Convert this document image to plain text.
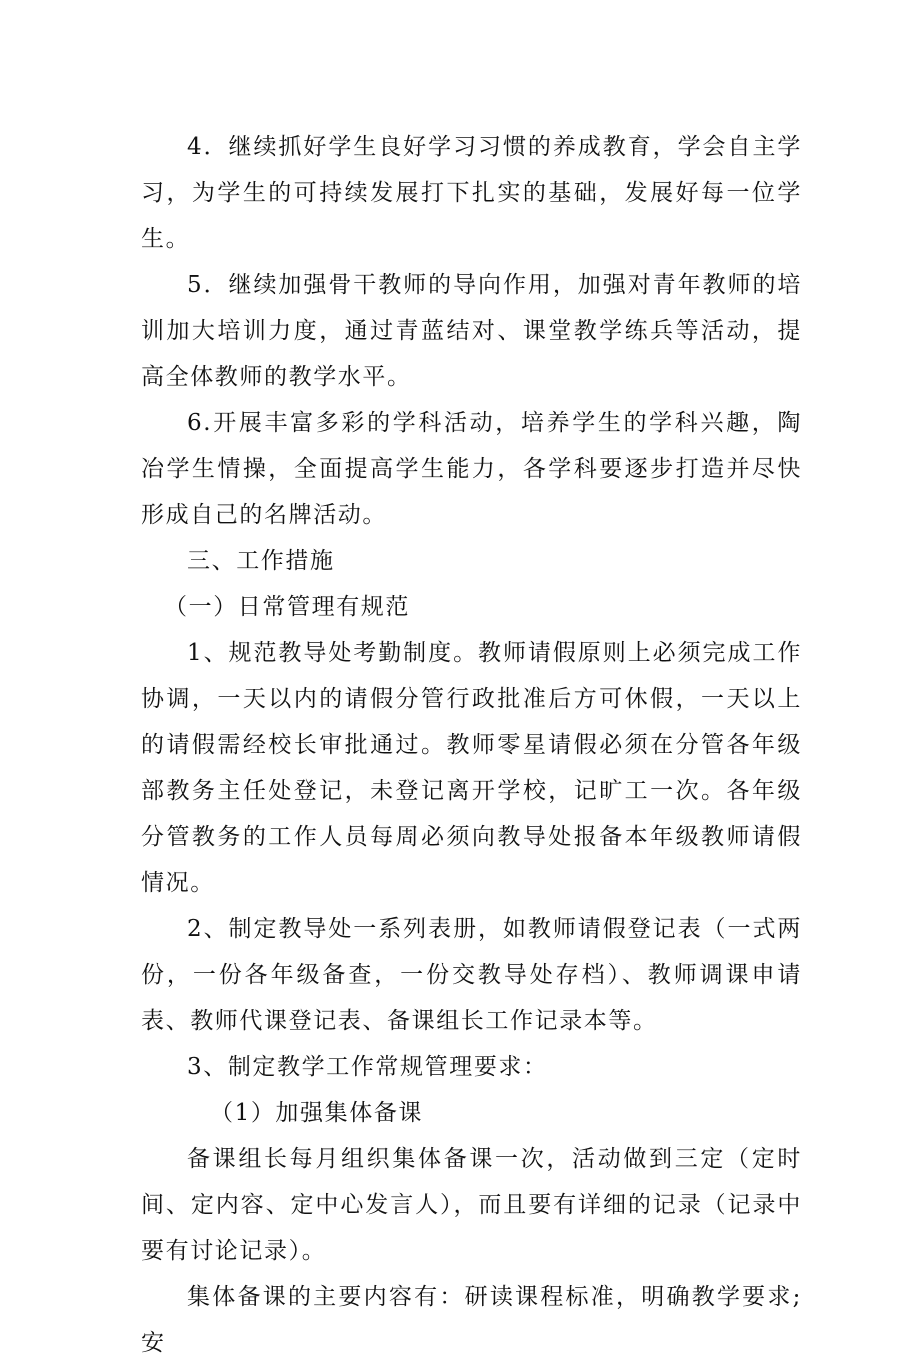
4．继续抓好学生良好学习习惯的养成教育，学会自主学习，为学生的可持续发展打下扎实的基础，发展好每一位学生。

5．继续加强骨干教师的导向作用，加强对青年教师的培训加大培训力度，通过青蓝结对、课堂教学练兵等活动，提高全体教师的教学水平。

6.开展丰富多彩的学科活动，培养学生的学科兴趣，陶冶学生情操，全面提高学生能力，各学科要逐步打造并尽快形成自己的名牌活动。

三、工作措施

（一）日常管理有规范

1、规范教导处考勤制度。教师请假原则上必须完成工作协调，一天以内的请假分管行政批准后方可休假，一天以上的请假需经校长审批通过。教师零星请假必须在分管各年级部教务主任处登记，未登记离开学校，记旷工一次。各年级分管教务的工作人员每周必须向教导处报备本年级教师请假情况。

2、制定教导处一系列表册，如教师请假登记表（一式两份，一份各年级备查，一份交教导处存档）、教师调课申请表、教师代课登记表、备课组长工作记录本等。

3、制定教学工作常规管理要求：

（1）加强集体备课

备课组长每月组织集体备课一次，活动做到三定（定时间、定内容、定中心发言人），而且要有详细的记录（记录中要有讨论记录）。

集体备课的主要内容有：研读课程标准，明确教学要求;安
